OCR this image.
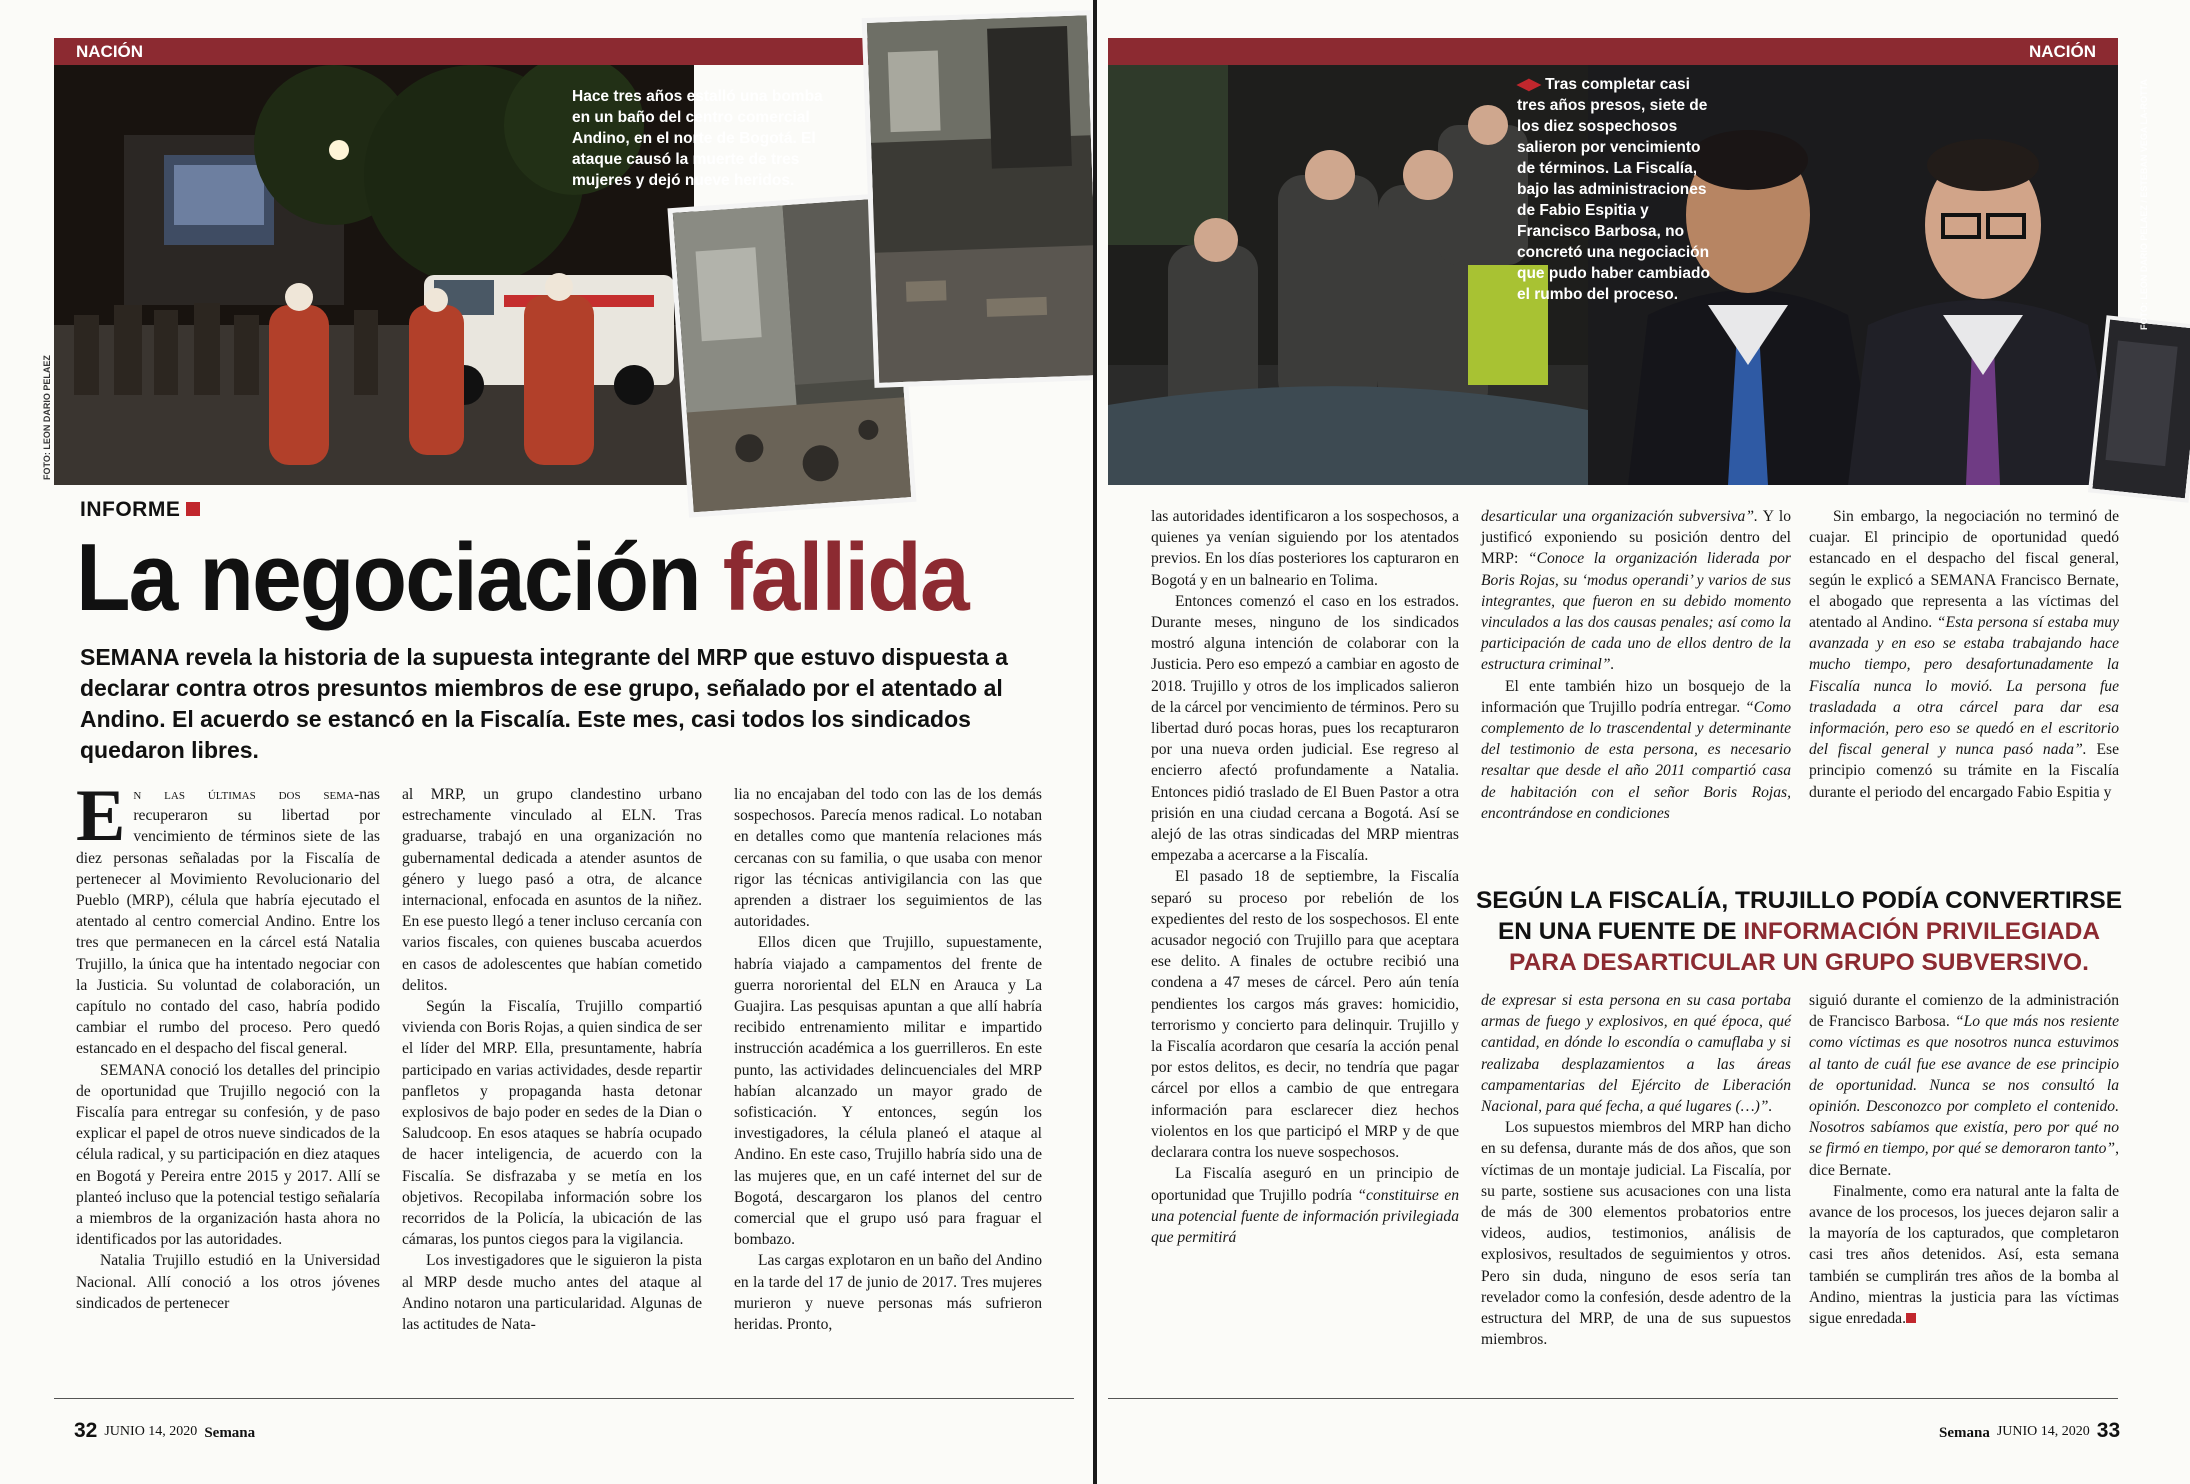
NACIÓN
Hace tres años estalló una bomba en un baño del centro comercial Andino, en el norte de Bogotá. El ataque causó la muerte de tres mujeres y dejó nueve heridos.
FOTO: LEON DARIO PELAEZ
INFORME
La negociación fallida
SEMANA revela la historia de la supuesta integrante del MRP que estuvo dispuesta a declarar contra otros presuntos miembros de ese grupo, señalado por el atentado al Andino. El acuerdo se estancó en la Fiscalía. Este mes, casi todos los sindicados quedaron libres.

En las últimas dos sema-nas recuperaron su libertad por vencimiento de términos siete de las diez personas señaladas por la Fiscalía de pertenecer al Movimiento Revolucionario del Pueblo (MRP), célula que habría ejecutado el atentado al centro comercial Andino. Entre los tres que permanecen en la cárcel está Natalia Trujillo, la única que ha intentado negociar con la Justicia. Su voluntad de colaboración, un capítulo no contado del caso, habría podido cambiar el rumbo del proceso. Pero quedó estancado en el despacho del fiscal general.

SEMANA conoció los detalles del principio de oportunidad que Trujillo negoció con la Fiscalía para entregar su confesión, y de paso explicar el papel de otros nueve sindicados de la célula radical, y su participación en diez ataques en Bogotá y Pereira entre 2015 y 2017. Allí se planteó incluso que la potencial testigo señalaría a miembros de la organización hasta ahora no identificados por las autoridades.

Natalia Trujillo estudió en la Universidad Nacional. Allí conoció a los otros jóvenes sindicados de pertenecer

al MRP, un grupo clandestino urbano estrechamente vinculado al ELN. Tras graduarse, trabajó en una organización no gubernamental dedicada a atender asuntos de género y luego pasó a otra, de alcance internacional, enfocada en asuntos de la niñez. En ese puesto llegó a tener incluso cercanía con varios fiscales, con quienes buscaba acuerdos en casos de adolescentes que habían cometido delitos.

Según la Fiscalía, Trujillo compartió vivienda con Boris Rojas, a quien sindica de ser el líder del MRP. Ella, presuntamente, habría participado en varias actividades, desde repartir panfletos y propaganda hasta detonar explosivos de bajo poder en sedes de la Dian o Saludcoop. En esos ataques se habría ocupado de hacer inteligencia, de acuerdo con la Fiscalía. Se disfrazaba y se metía en los objetivos. Recopilaba información sobre los recorridos de la Policía, la ubicación de las cámaras, los puntos ciegos para la vigilancia.

Los investigadores que le siguieron la pista al MRP desde mucho antes del ataque al Andino notaron una particularidad. Algunas de las actitudes de Nata-

lia no encajaban del todo con las de los demás sospechosos. Parecía menos radical. Lo notaban en detalles como que mantenía relaciones más cercanas con su familia, o que usaba con menor rigor las técnicas antivigilancia con las que aprenden a distraer los seguimientos de las autoridades.

Ellos dicen que Trujillo, supuestamente, habría viajado a campamentos del frente de guerra nororiental del ELN en Arauca y La Guajira. Las pesquisas apuntan a que allí habría recibido entrenamiento militar e impartido instrucción académica a los guerrilleros. En este punto, las actividades delincuenciales del MRP habían alcanzado un mayor grado de sofisticación. Y entonces, según los investigadores, la célula planeó el ataque al Andino. En este caso, Trujillo habría sido una de las mujeres que, en un café internet del sur de Bogotá, descargaron los planos del centro comercial que el grupo usó para fraguar el bombazo.

Las cargas explotaron en un baño del Andino en la tarde del 17 de junio de 2017. Tres mujeres murieron y nueve personas más sufrieron heridas. Pronto,

32 JUNIO 14, 2020 Semana
NACIÓN
◀▶ Tras completar casi tres años presos, siete de los diez sospechosos salieron por vencimiento de términos. La Fiscalía, bajo las administraciones de Fabio Espitia y Francisco Barbosa, no concretó una negociación que pudo haber cambiado el rumbo del proceso.	FOTO: LEON DARIO PELAEZ / ESTEBAN VEGA LA-ROTTA

las autoridades identificaron a los sospechosos, a quienes ya venían siguiendo por los atentados previos. En los días posteriores los capturaron en Bogotá y en un balneario en Tolima.

Entonces comenzó el caso en los estrados. Durante meses, ninguno de los sindicados mostró alguna intención de colaborar con la Justicia. Pero eso empezó a cambiar en agosto de 2018. Trujillo y otros de los implicados salieron de la cárcel por vencimiento de términos. Pero su libertad duró pocas horas, pues los recapturaron por una nueva orden judicial. Ese regreso al encierro afectó profundamente a Natalia. Entonces pidió traslado de El Buen Pastor a otra prisión en una ciudad cercana a Bogotá. Así se alejó de las otras sindicadas del MRP mientras empezaba a acercarse a la Fiscalía.

El pasado 18 de septiembre, la Fiscalía separó su proceso por rebelión de los expedientes del resto de los sospechosos. El ente acusador negoció con Trujillo para que aceptara ese delito. A finales de octubre recibió una condena a 47 meses de cárcel. Pero aún tenía pendientes los cargos más graves: homicidio, terrorismo y concierto para delinquir. Trujillo y la Fiscalía acordaron que cesaría la acción penal por estos delitos, es decir, no tendría que pagar cárcel por ellos a cambio de que entregara información para esclarecer diez hechos violentos en los que participó el MRP y de que declarara contra los nueve sospechosos.

La Fiscalía aseguró en un principio de oportunidad que Trujillo podría “constituirse en una potencial fuente de información privilegiada que permitirá

desarticular una organización subversiva”. Y lo justificó exponiendo su posición dentro del MRP: “Conoce la organización liderada por Boris Rojas, su ‘modus operandi’ y varios de sus integrantes, que fueron en su debido momento vinculados a las dos causas penales; así como la participación de cada uno de ellos dentro de la estructura criminal”.

El ente también hizo un bosquejo de la información que Trujillo podría entregar. “Como complemento de lo trascendental y determinante del testimonio de esta persona, es necesario resaltar que desde el año 2011 compartió casa de habitación con el señor Boris Rojas, encontrándose en condiciones

Sin embargo, la negociación no terminó de cuajar. El principio de oportunidad quedó estancado en el despacho del fiscal general, según le explicó a SEMANA Francisco Bernate, el abogado que representa a las víctimas del atentado al Andino. “Esta persona sí estaba muy avanzada y en eso se estaba trabajando hace mucho tiempo, pero desafortunadamente la Fiscalía nunca lo movió. La persona fue trasladada a otra cárcel para dar esa información, pero eso se quedó en el escritorio del fiscal general y nunca pasó nada”. Ese principio comenzó su trámite en la Fiscalía durante el periodo del encargado Fabio Espitia y

SEGÚN LA FISCALÍA, TRUJILLO PODÍA CONVERTIRSE EN UNA FUENTE DE INFORMACIÓN PRIVILEGIADA PARA DESARTICULAR UN GRUPO SUBVERSIVO.

de expresar si esta persona en su casa portaba armas de fuego y explosivos, en qué época, qué cantidad, en dónde lo escondía o camuflaba y si realizaba desplazamientos a las áreas campamentarias del Ejército de Liberación Nacional, para qué fecha, a qué lugares (…)”.

Los supuestos miembros del MRP han dicho en su defensa, durante más de dos años, que son víctimas de un montaje judicial. La Fiscalía, por su parte, sostiene sus acusaciones con una lista de más de 300 elementos probatorios entre videos, audios, testimonios, análisis de explosivos, resultados de seguimientos y otros. Pero sin duda, ninguno de esos sería tan revelador como la confesión, desde adentro de la estructura del MRP, de una de sus supuestos miembros.

siguió durante el comienzo de la administración de Francisco Barbosa. “Lo que más nos resiente como víctimas es que nosotros nunca estuvimos al tanto de cuál fue ese avance de ese principio de oportunidad. Nunca se nos consultó la opinión. Desconozco por completo el contenido. Nosotros sabíamos que existía, pero por qué no se firmó en tiempo, por qué se demoraron tanto”, dice Bernate.

Finalmente, como era natural ante la falta de avance de los procesos, los jueces dejaron salir a la mayoría de los capturados, que completaron casi tres años detenidos. Así, esta semana también se cumplirán tres años de la bomba al Andino, mientras la justicia para las víctimas sigue enredada.

Semana JUNIO 14, 2020 33
